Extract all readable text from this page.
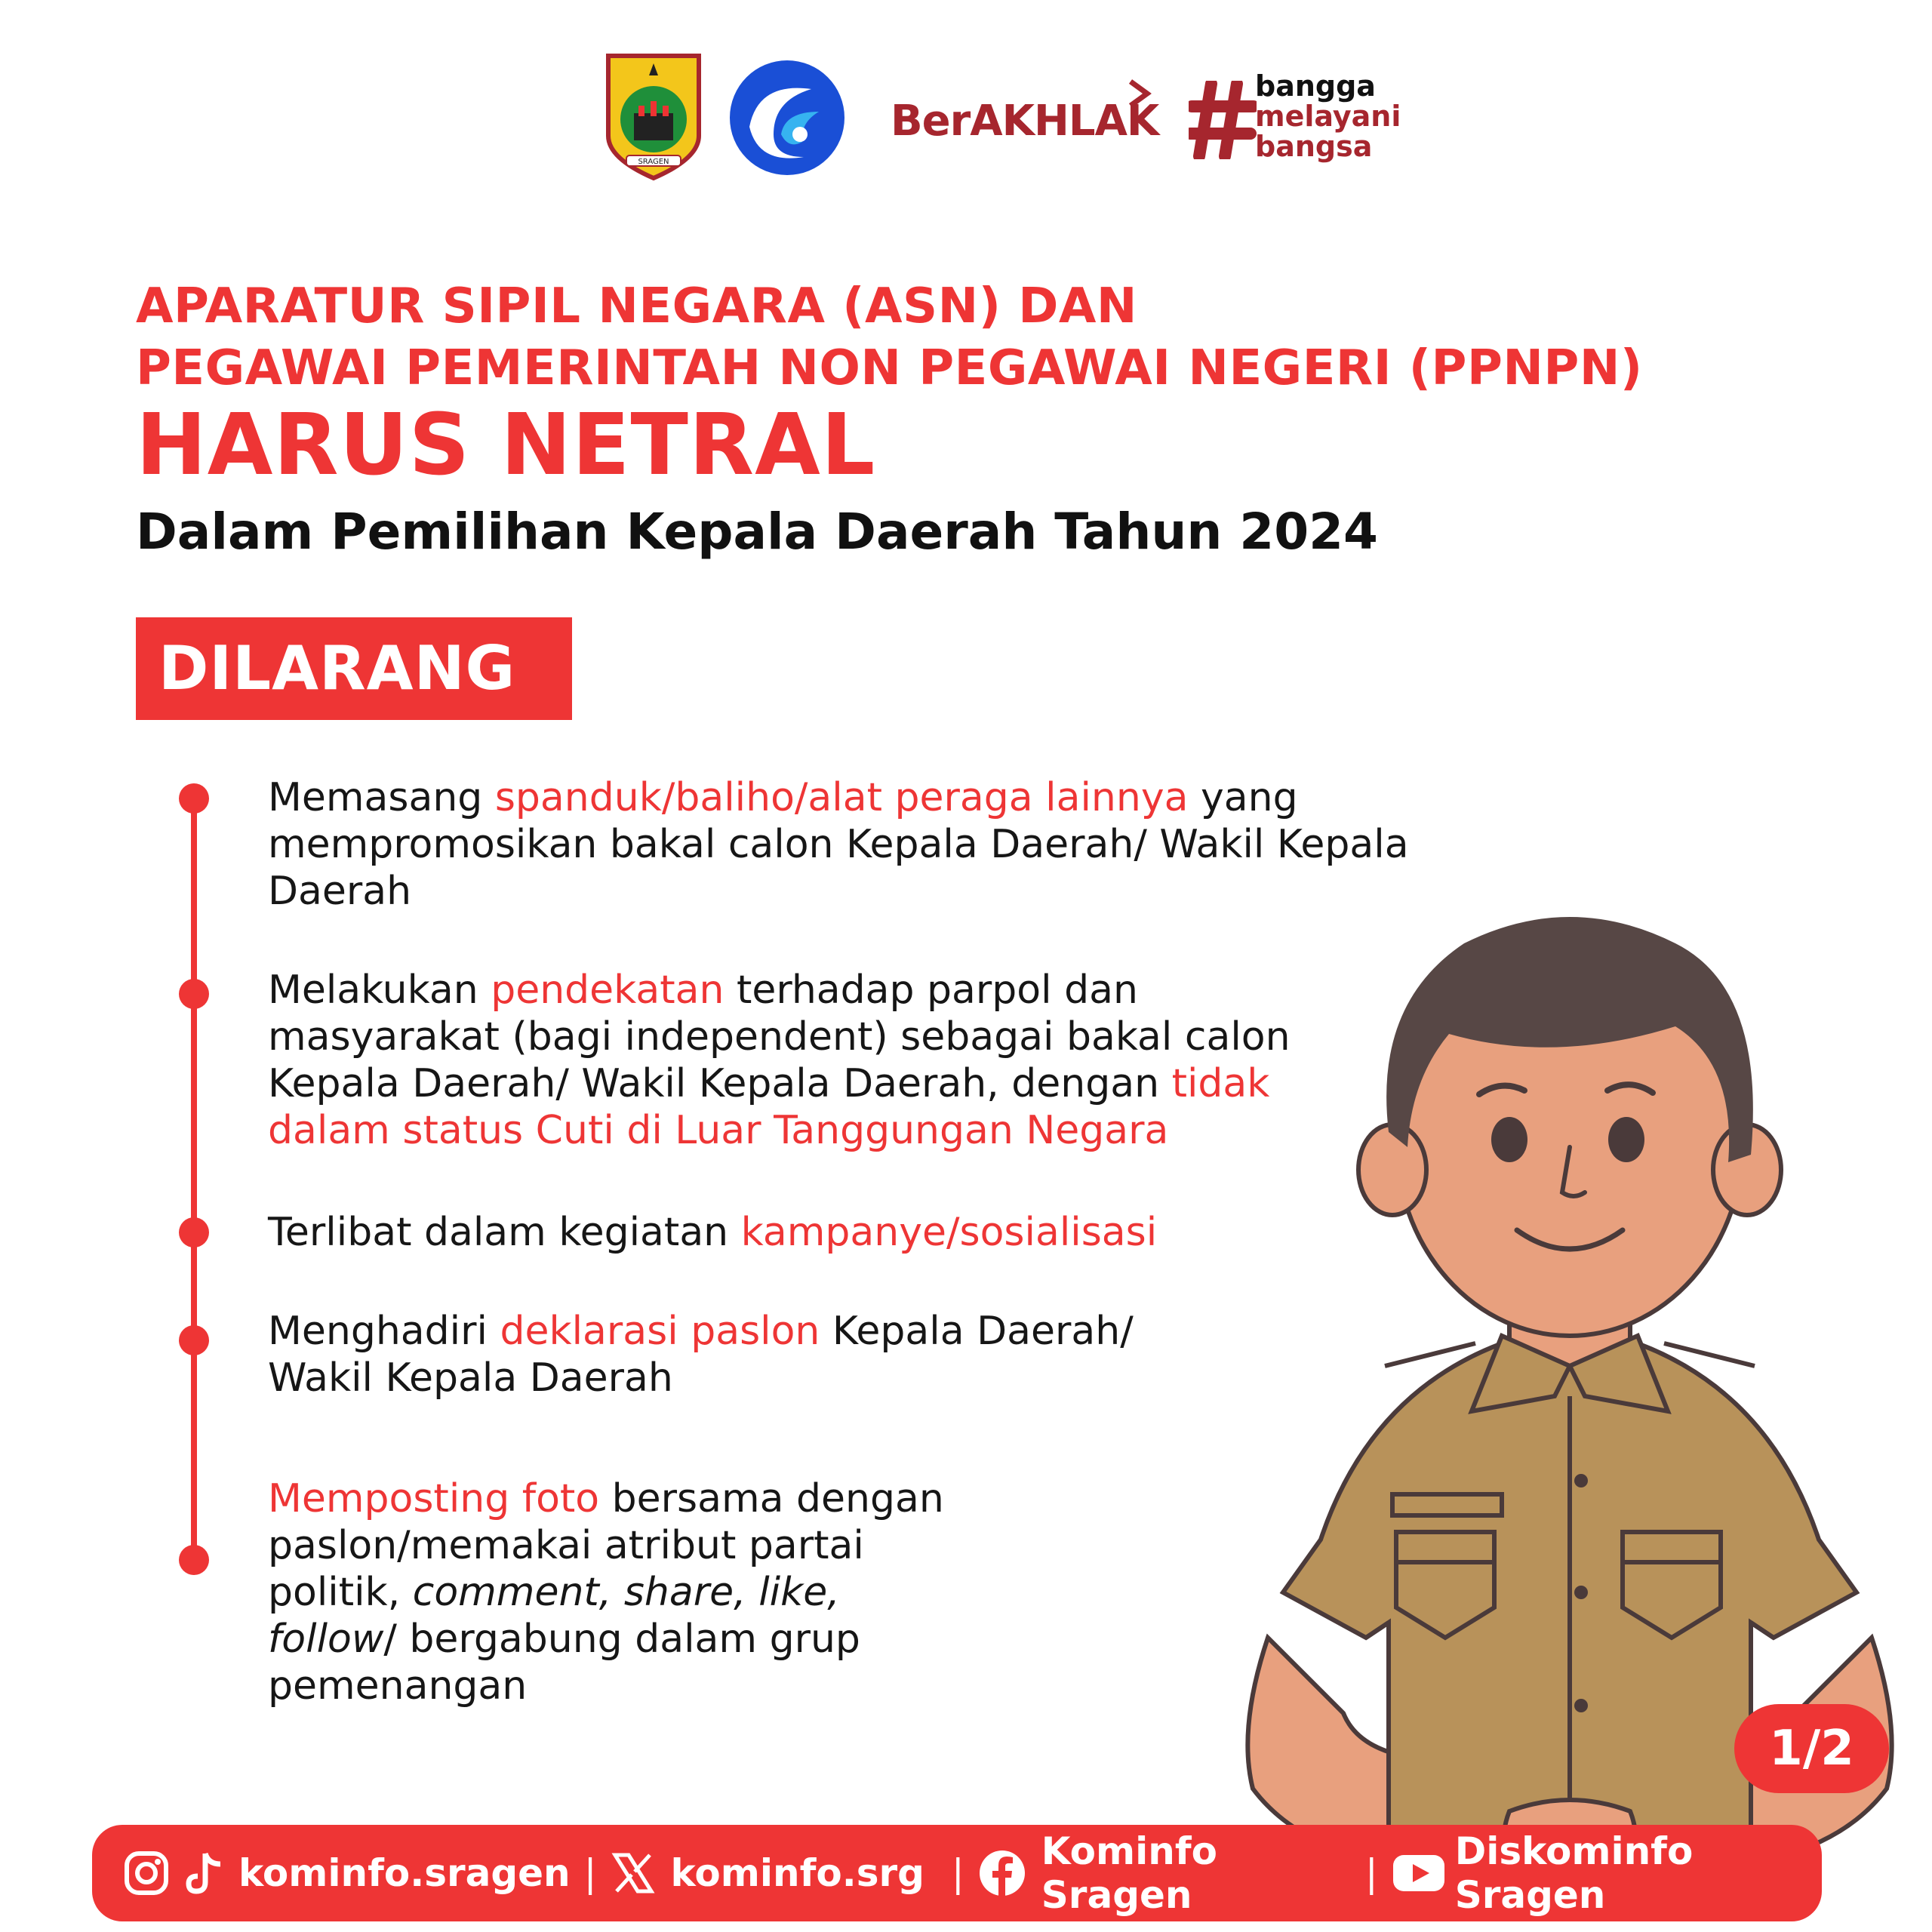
SRAGEN
BerAKHLAK
bangga
melayani
bangsa
APARATUR SIPIL NEGARA (ASN) DAN
PEGAWAI PEMERINTAH NON PEGAWAI NEGERI (PPNPN)
HARUS NETRAL
Dalam Pemilihan Kepala Daerah Tahun 2024
DILARANG
Memasang spanduk/baliho/alat peraga lainnya yang
mempromosikan bakal calon Kepala Daerah/ Wakil Kepala
Daerah
Melakukan pendekatan terhadap parpol dan
masyarakat (bagi independent) sebagai bakal calon
Kepala Daerah/ Wakil Kepala Daerah, dengan tidak
dalam status Cuti di Luar Tanggungan Negara
Terlibat dalam kegiatan kampanye/sosialisasi
Menghadiri deklarasi paslon Kepala Daerah/
Wakil Kepala Daerah
Memposting foto bersama dengan
paslon/memakai atribut partai
politik, comment, share, like,
follow/ bergabung dalam grup
pemenangan
1/2
kominfo.sragen | kominfo.srg | Kominfo Sragen	| Diskominfo Sragen
